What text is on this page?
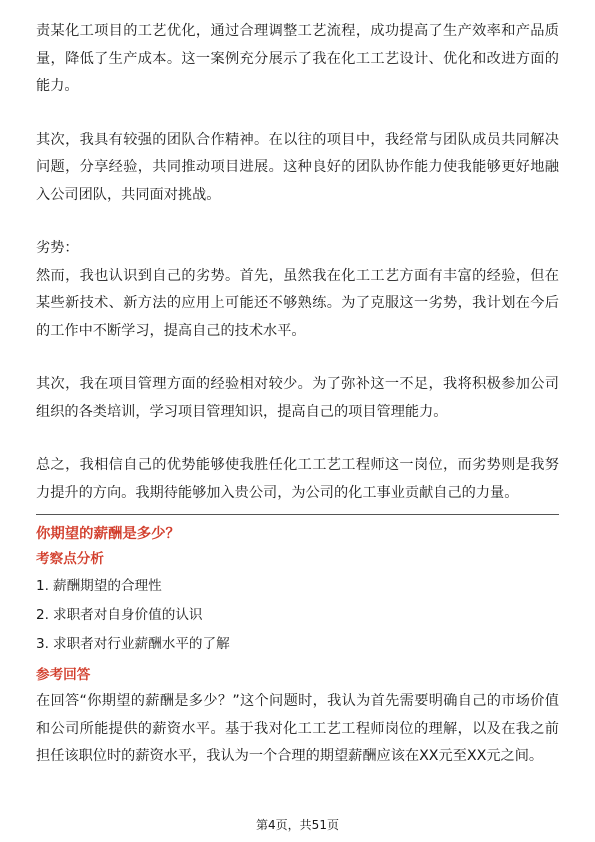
责某化工项目的工艺优化，通过合理调整工艺流程，成功提高了生产效率和产品质量，降低了生产成本。这一案例充分展示了我在化工工艺设计、优化和改进方面的能力。

其次，我具有较强的团队合作精神。在以往的项目中，我经常与团队成员共同解决问题，分享经验，共同推动项目进展。这种良好的团队协作能力使我能够更好地融入公司团队，共同面对挑战。

劣势：

然而，我也认识到自己的劣势。首先，虽然我在化工工艺方面有丰富的经验，但在某些新技术、新方法的应用上可能还不够熟练。为了克服这一劣势，我计划在今后的工作中不断学习，提高自己的技术水平。

其次，我在项目管理方面的经验相对较少。为了弥补这一不足，我将积极参加公司组织的各类培训，学习项目管理知识，提高自己的项目管理能力。

总之，我相信自己的优势能够使我胜任化工工艺工程师这一岗位，而劣势则是我努力提升的方向。我期待能够加入贵公司，为公司的化工事业贡献自己的力量。

你期望的薪酬是多少？

考察点分析

1. 薪酬期望的合理性
2. 求职者对自身价值的认识
3. 求职者对行业薪酬水平的了解

参考回答

在回答“你期望的薪酬是多少？”这个问题时，我认为首先需要明确自己的市场价值和公司所能提供的薪资水平。基于我对化工工艺工程师岗位的理解，以及在我之前担任该职位时的薪资水平，我认为一个合理的期望薪酬应该在XX元至XX元之间。

第4页，共51页
